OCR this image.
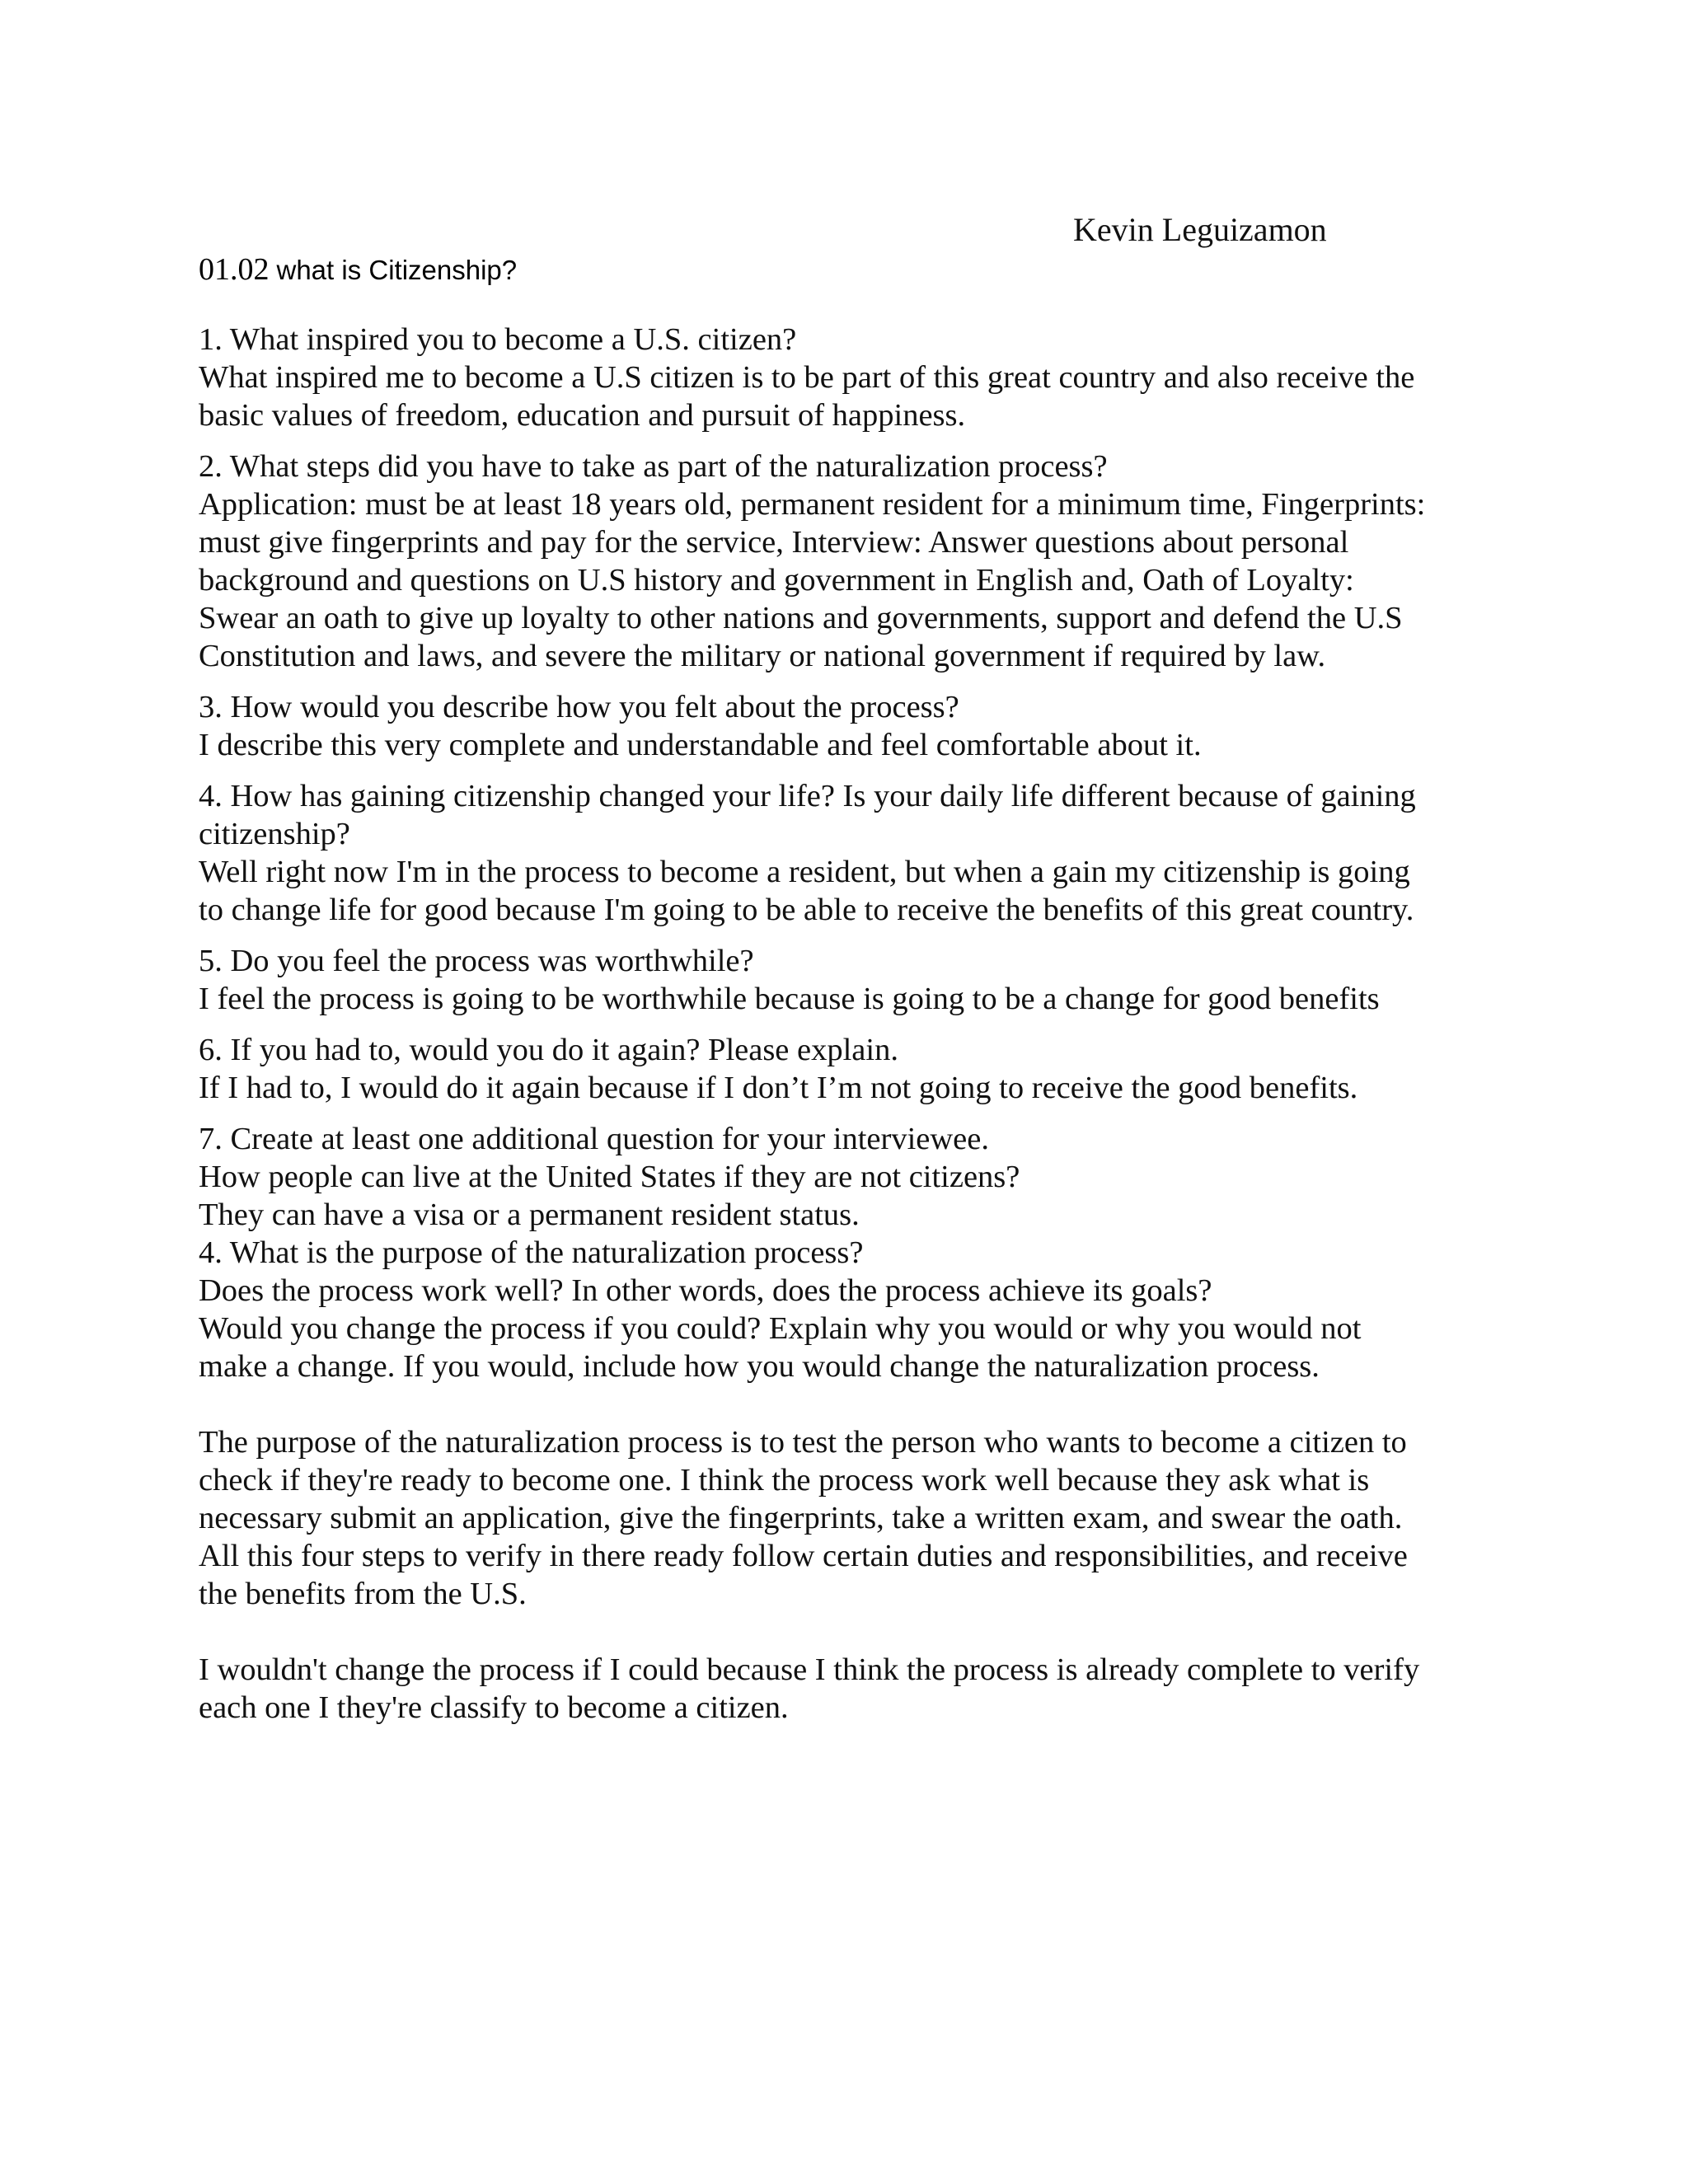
Kevin Leguizamon
01.02 what is Citizenship?
1. What inspired you to become a U.S. citizen?
What inspired me to become a U.S citizen is to be part of this great country and also receive the
basic values of freedom, education and pursuit of happiness.
2. What steps did you have to take as part of the naturalization process?
Application: must be at least 18 years old, permanent resident for a minimum time, Fingerprints:
must give fingerprints and pay for the service, Interview: Answer questions about personal
background and questions on U.S history and government in English and, Oath of Loyalty:
Swear an oath to give up loyalty to other nations and governments, support and defend the U.S
Constitution and laws, and severe the military or national government if required by law.
3. How would you describe how you felt about the process?
I describe this very complete and understandable and feel comfortable about it.
4. How has gaining citizenship changed your life? Is your daily life different because of gaining
citizenship?
Well right now I'm in the process to become a resident, but when a gain my citizenship is going
to change life for good because I'm going to be able to receive the benefits of this great country.
5. Do you feel the process was worthwhile?
I feel the process is going to be worthwhile because is going to be a change for good benefits
6. If you had to, would you do it again? Please explain.
If I had to, I would do it again because if I don’t I’m not going to receive the good benefits.
7. Create at least one additional question for your interviewee.
How people can live at the United States if they are not citizens?
They can have a visa or a permanent resident status.
4. What is the purpose of the naturalization process?
Does the process work well? In other words, does the process achieve its goals?
Would you change the process if you could? Explain why you would or why you would not
make a change. If you would, include how you would change the naturalization process.
The purpose of the naturalization process is to test the person who wants to become a citizen to
check if they're ready to become one. I think the process work well because they ask what is
necessary submit an application, give the fingerprints, take a written exam, and swear the oath.
All this four steps to verify in there ready follow certain duties and responsibilities, and receive
the benefits from the U.S.
I wouldn't change the process if I could because I think the process is already complete to verify
each one I they're classify to become a citizen.
